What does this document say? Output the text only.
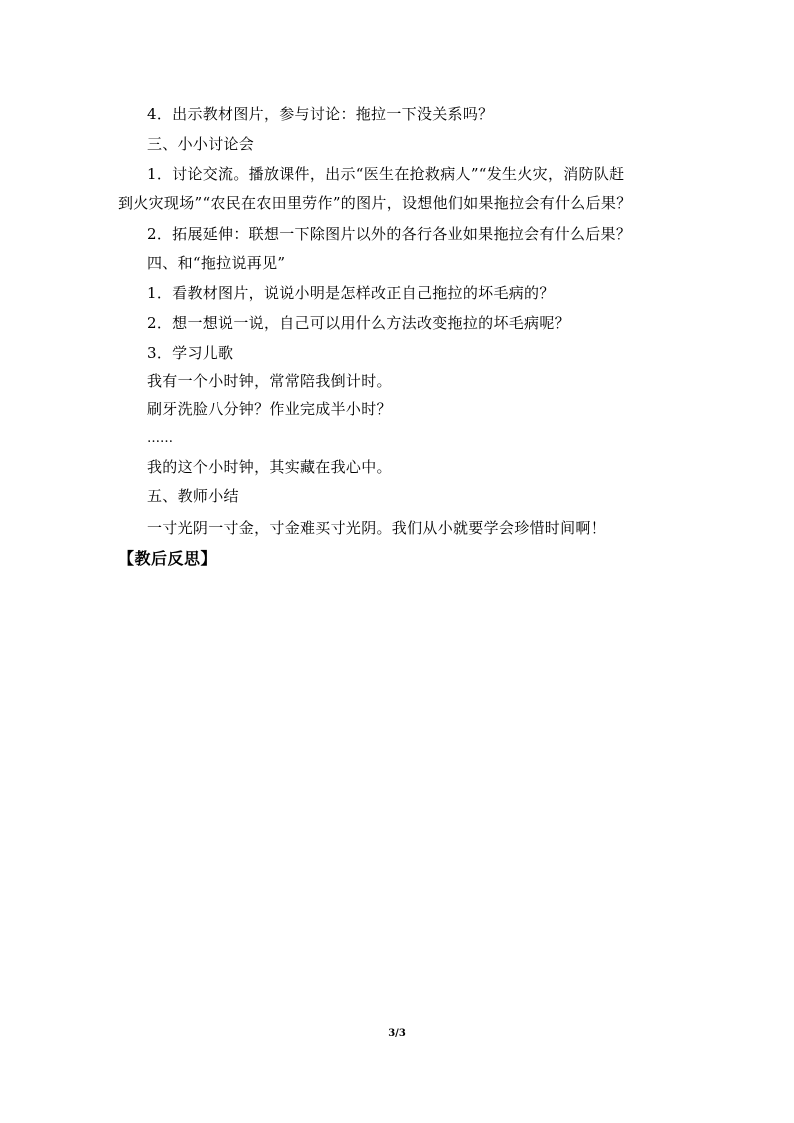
4．出示教材图片，参与讨论：拖拉一下没关系吗？
三、小小讨论会
1．讨论交流。播放课件，出示“医生在抢救病人”“发生火灾，消防队赶
到火灾现场”“农民在农田里劳作”的图片，设想他们如果拖拉会有什么后果？
2．拓展延伸：联想一下除图片以外的各行各业如果拖拉会有什么后果？
四、和“拖拉说再见”
1．看教材图片，说说小明是怎样改正自己拖拉的坏毛病的？
2．想一想说一说，自己可以用什么方法改变拖拉的坏毛病呢？
3．学习儿歌
我有一个小时钟，常常陪我倒计时。
刷牙洗脸八分钟？作业完成半小时？
……
我的这个小时钟，其实藏在我心中。
五、教师小结
一寸光阴一寸金，寸金难买寸光阴。我们从小就要学会珍惜时间啊！
【教后反思】
3/3
